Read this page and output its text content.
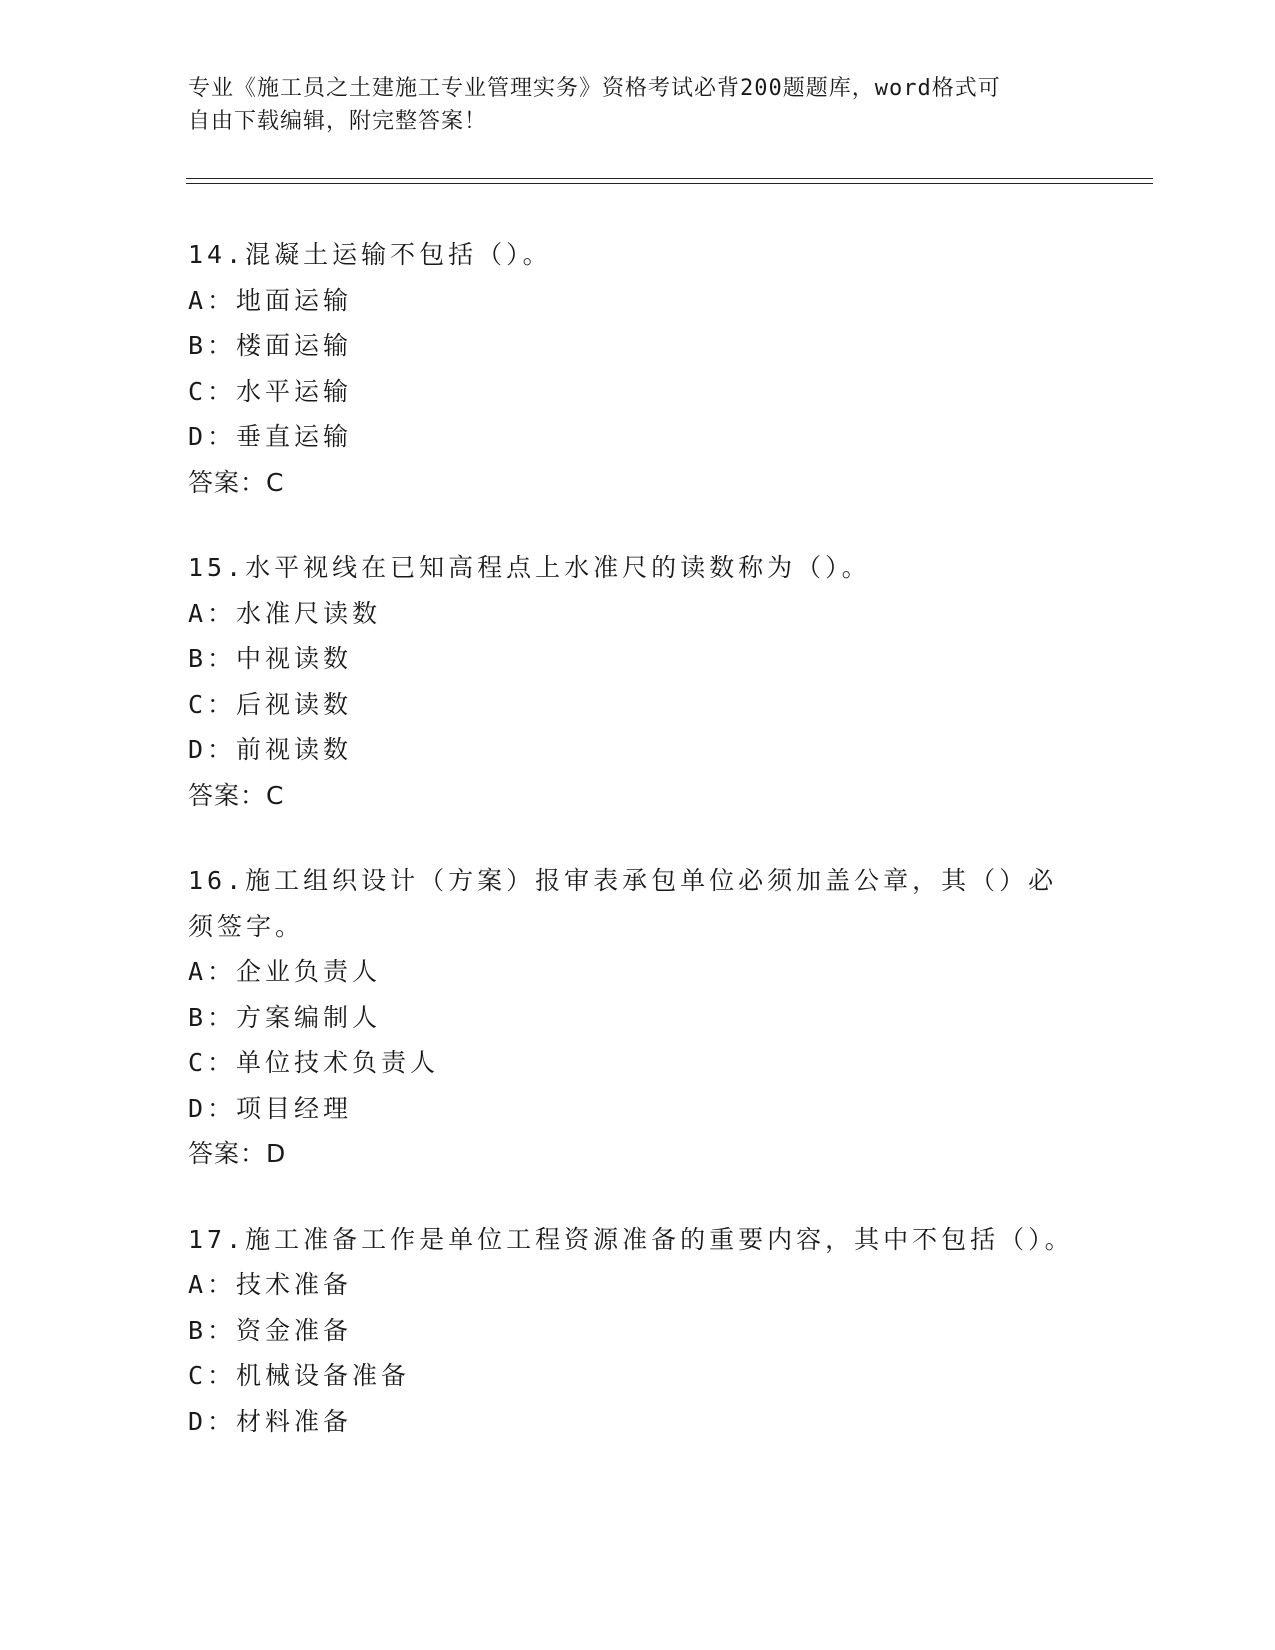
专业《施工员之土建施工专业管理实务》资格考试必背200题题库，word格式可
自由下载编辑，附完整答案！
14.混凝土运输不包括（）。
A：地面运输
B：楼面运输
C：水平运输
D：垂直运输
答案：C
15.水平视线在已知高程点上水准尺的读数称为（）。
A：水准尺读数
B：中视读数
C：后视读数
D：前视读数
答案：C
16.施工组织设计（方案）报审表承包单位必须加盖公章，其（）必须签字。
A：企业负责人
B：方案编制人
C：单位技术负责人
D：项目经理
答案：D
17.施工准备工作是单位工程资源准备的重要内容，其中不包括（）。
A：技术准备
B：资金准备
C：机械设备准备
D：材料准备
